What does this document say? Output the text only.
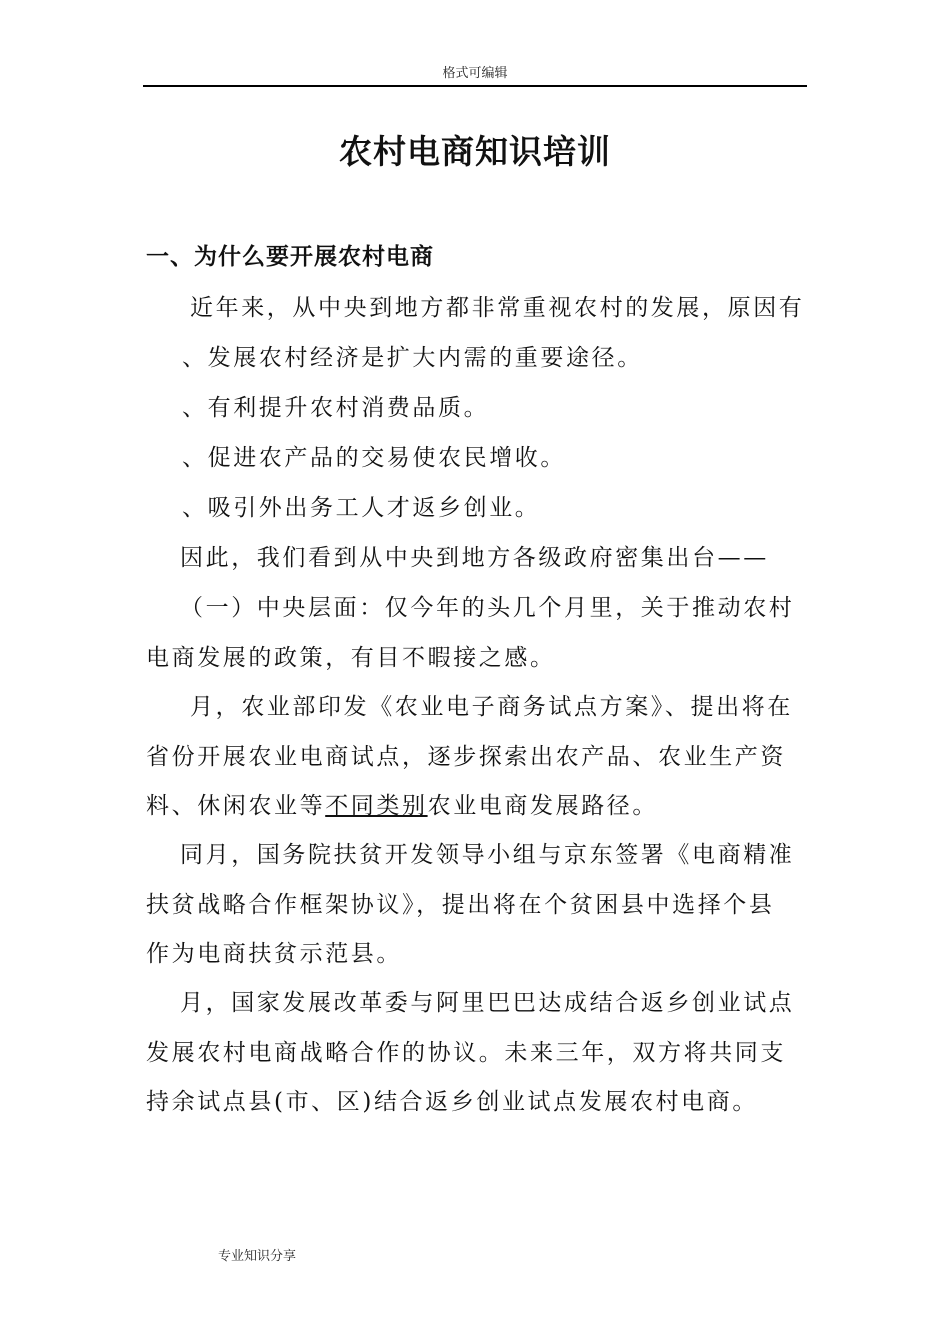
格式可编辑
农村电商知识培训
一、为什么要开展农村电商
近年来，从中央到地方都非常重视农村的发展，原因有
、发展农村经济是扩大内需的重要途径。
、有利提升农村消费品质。
、促进农产品的交易使农民增收。
、吸引外出务工人才返乡创业。
因此，我们看到从中央到地方各级政府密集出台——
（一）中央层面：仅今年的头几个月里，关于推动农村
电商发展的政策，有目不暇接之感。
月，农业部印发《农业电子商务试点方案》、提出将在
省份开展农业电商试点，逐步探索出农产品、农业生产资
料、休闲农业等不同类别农业电商发展路径。
同月，国务院扶贫开发领导小组与京东签署《电商精准
扶贫战略合作框架协议》，提出将在个贫困县中选择个县
作为电商扶贫示范县。
月，国家发展改革委与阿里巴巴达成结合返乡创业试点
发展农村电商战略合作的协议。未来三年，双方将共同支
持余试点县(市、区)结合返乡创业试点发展农村电商。
专业知识分享
